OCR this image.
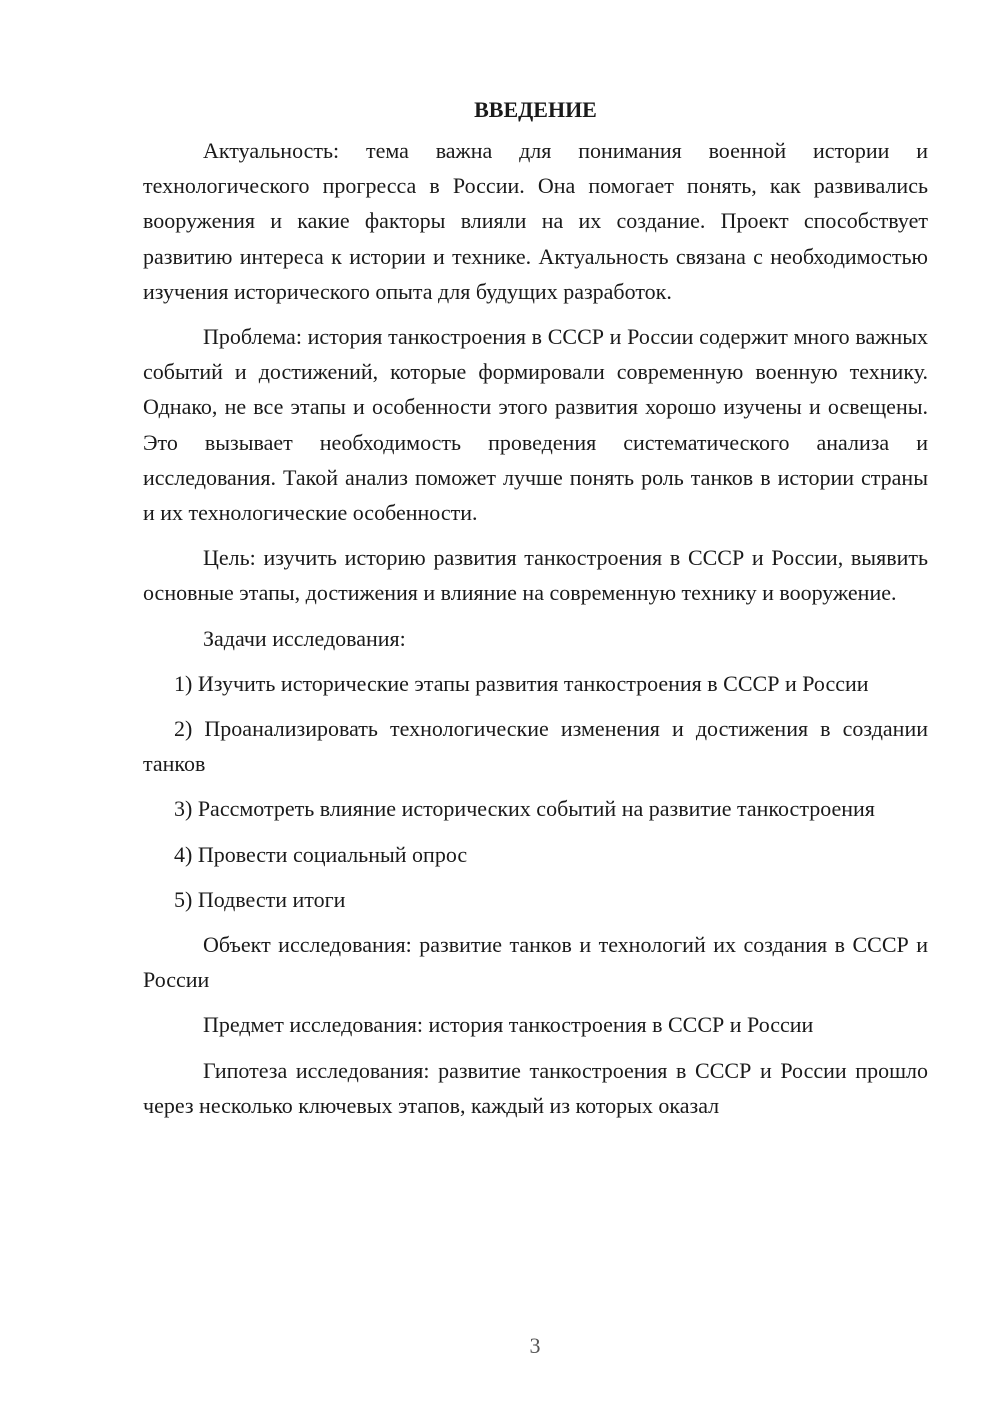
ВВЕДЕНИЕ

Актуальность: тема важна для понимания военной истории и технологического прогресса в России. Она помогает понять, как развивались вооружения и какие факторы влияли на их создание. Проект способствует развитию интереса к истории и технике. Актуальность связана с необходимостью изучения исторического опыта для будущих разработок.

Проблема: история танкостроения в СССР и России содержит много важных событий и достижений, которые формировали современную военную технику. Однако, не все этапы и особенности этого развития хорошо изучены и освещены. Это вызывает необходимость проведения систематического анализа и исследования. Такой анализ поможет лучше понять роль танков в истории страны и их технологические особенности.

Цель: изучить историю развития танкостроения в СССР и России, выявить основные этапы, достижения и влияние на современную технику и вооружение.

Задачи исследования:

1) Изучить исторические этапы развития танкостроения в СССР и России

2) Проанализировать технологические изменения и достижения в создании танков

3) Рассмотреть влияние исторических событий на развитие танкостроения

4) Провести социальный опрос

5) Подвести итоги

Объект исследования: развитие танков и технологий их создания в СССР и России

Предмет исследования: история танкостроения в СССР и России

Гипотеза исследования: развитие танкостроения в СССР и России прошло через несколько ключевых этапов, каждый из которых оказал

3
